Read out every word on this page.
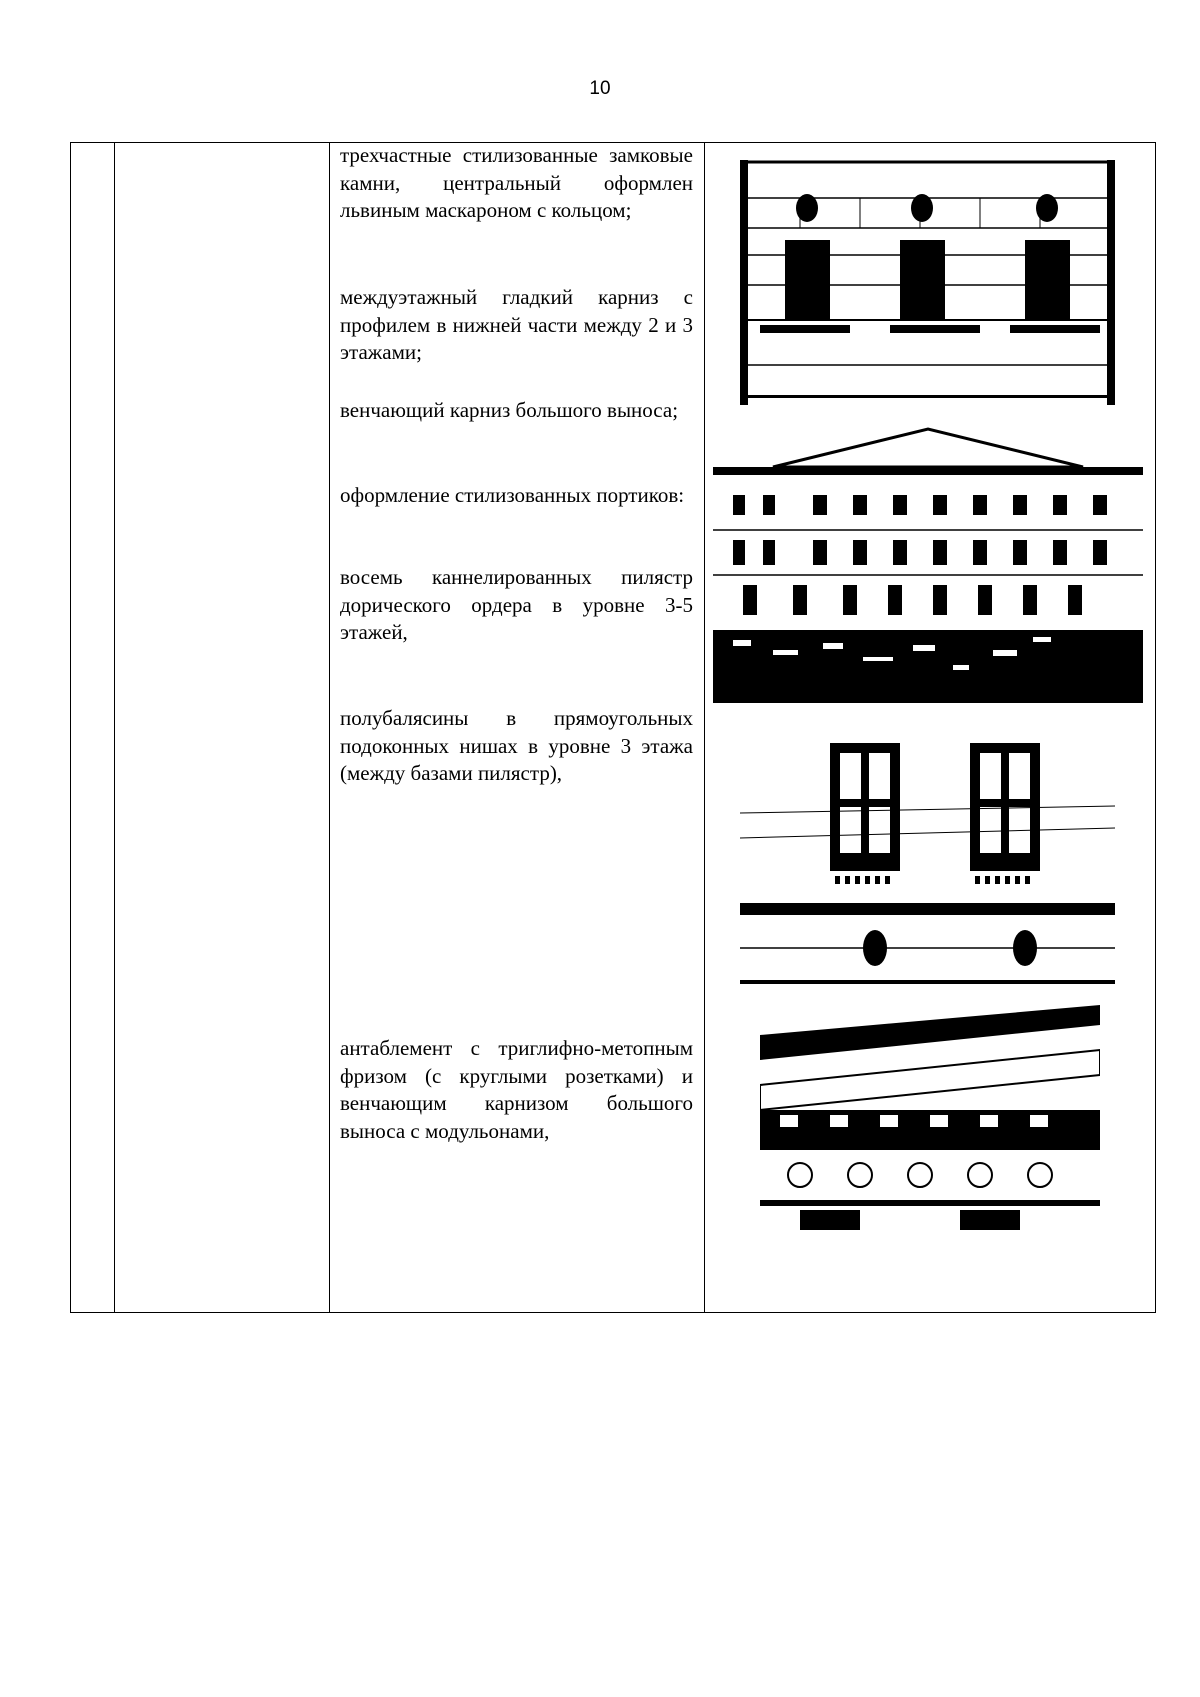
10

трехчастные стилизованные замковые камни, центральный оформлен львиным маскароном с кольцом;

междуэтажный гладкий карниз с профилем в нижней части между 2 и 3 этажами;

венчающий карниз большого выноса;

оформление стилизованных портиков:

восемь каннелированных пилястр дорического ордера в уровне 3-5 этажей,

полубалясины в прямоугольных подоконных нишах в уровне 3 этажа (между базами пилястр),

антаблемент с триглифно-метопным фризом (с круглыми розетками) и венчающим карнизом большого выноса с модульонами,
